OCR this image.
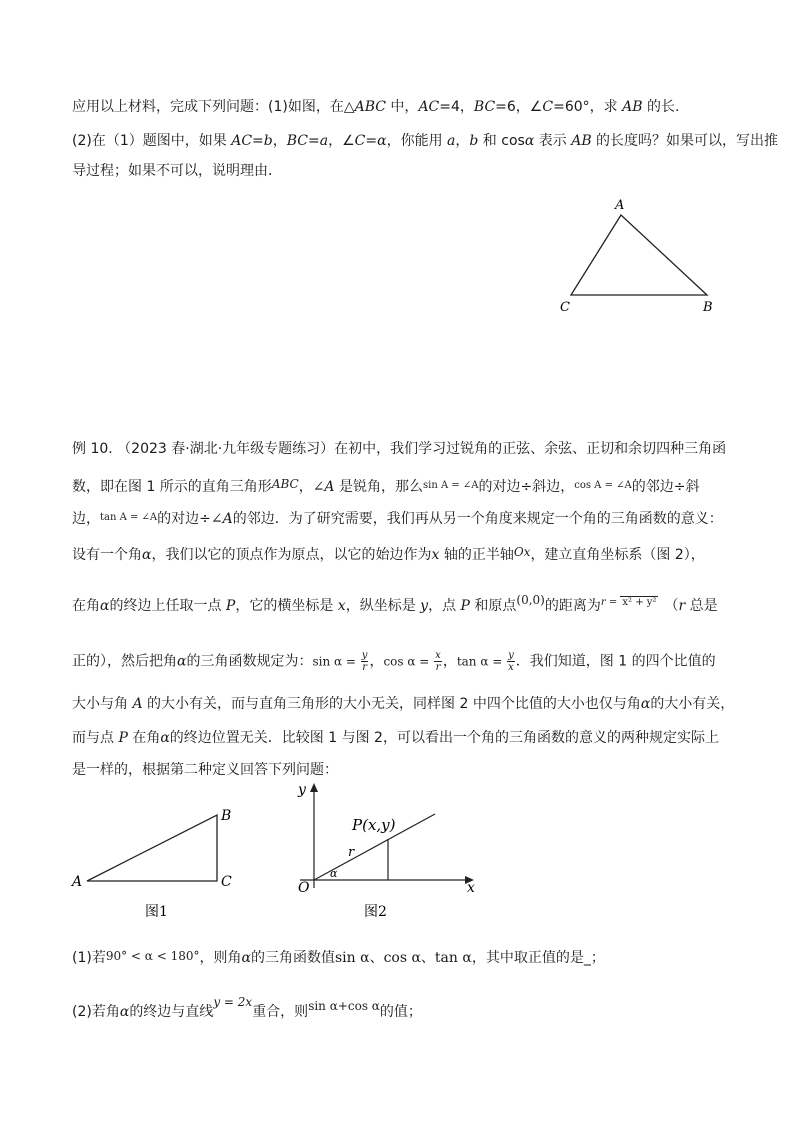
应用以上材料，完成下列问题：(1)如图，在△ABC 中，AC=4，BC=6，∠C=60°，求 AB 的长.
(2)在（1）题图中，如果 AC=b，BC=a，∠C=α，你能用 a，b 和 cosα 表示 AB 的长度吗？如果可以，写出推
导过程；如果不可以，说明理由.
A
C	B
例 10. （2023 春·湖北·九年级专题练习）在初中，我们学习过锐角的正弦、余弦、正切和余切四种三角函
数，即在图 1 所示的直角三角形ABC，∠A 是锐角，那么$^{sin A = \angle A}$的对边÷斜边，$^{cos A = \angle A}$的邻边÷斜
边，$^{tan A = \angle A}$的对边÷∠A的邻边．为了研究需要，我们再从另一个角度来规定一个角的三角函数的意义：
设有一个角α，我们以它的顶点作为原点，以它的始边作为x 轴的正半轴Ox，建立直角坐标系（图 2），
在角α的终边上任取一点 P，它的横坐标是 x，纵坐标是 y，点 P 和原点(0,0)的距离为$^{r =}$ $^{x^2 + y^2}$ （r 总是
正的），然后把角α的三角函数规定为：$\sin \alpha = \frac{y}{r}$ ，$\cos \alpha = \frac{x}{r}$ ，$\tan \alpha = \frac{y}{x}$ ．我们知道，图 1 的四个比值的
大小与角 A 的大小有关，而与直角三角形的大小无关，同样图 2 中四个比值的大小也仅与角α的大小有关，
而与点 P 在角α的终边位置无关．比较图 1 与图 2，可以看出一个角的三角函数的意义的两种规定实际上
是一样的，根据第二种定义回答下列问题：
B
A	C
图1
y
x
O
P(x,y)
r
α
图2
(1)若90° < α < 180°，则角α的三角函数值sin α、cos α、tan α，其中取正值的是_；
(2)若角α的终边与直线y = 2x重合，则sin α+cos α的值；
